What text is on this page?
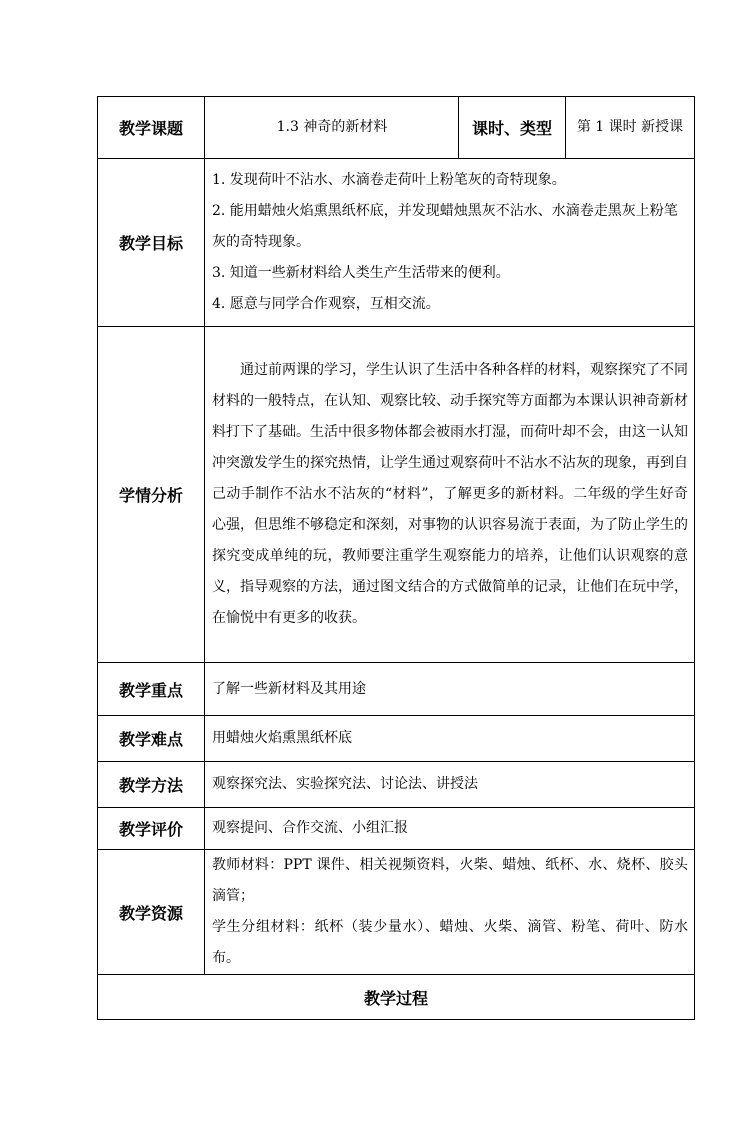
教学课题	1.3 神奇的新材料	课时、类型	第 1 课时 新授课
教学目标	1. 发现荷叶不沾水、水滴卷走荷叶上粉笔灰的奇特现象。
2. 能用蜡烛火焰熏黑纸杯底，并发现蜡烛黑灰不沾水、水滴卷走黑灰上粉笔灰的奇特现象。
3. 知道一些新材料给人类生产生活带来的便利。
4. 愿意与同学合作观察，互相交流。		

学情分析	通过前两课的学习，学生认识了生活中各种各样的材料，观察探究了不同材料的一般特点，在认知、观察比较、动手探究等方面都为本课认识神奇新材料打下了基础。生活中很多物体都会被雨水打湿，而荷叶却不会，由这一认知冲突激发学生的探究热情，让学生通过观察荷叶不沾水不沾灰的现象，再到自己动手制作不沾水不沾灰的“材料”，了解更多的新材料。二年级的学生好奇心强，但思维不够稳定和深刻，对事物的认识容易流于表面，为了防止学生的探究变成单纯的玩，教师要注重学生观察能力的培养，让他们认识观察的意义，指导观察的方法，通过图文结合的方式做简单的记录，让他们在玩中学，在愉悦中有更多的收获。		
教学重点	了解一些新材料及其用途		
教学难点	用蜡烛火焰熏黑纸杯底		
教学方法	观察探究法、实验探究法、讨论法、讲授法		
教学评价	观察提问、合作交流、小组汇报		
教学资源	教师材料：PPT 课件、相关视频资料，火柴、蜡烛、纸杯、水、烧杯、胶头滴管；
学生分组材料：纸杯（装少量水）、蜡烛、火柴、滴管、粉笔、荷叶、防水布。		

教学过程			
